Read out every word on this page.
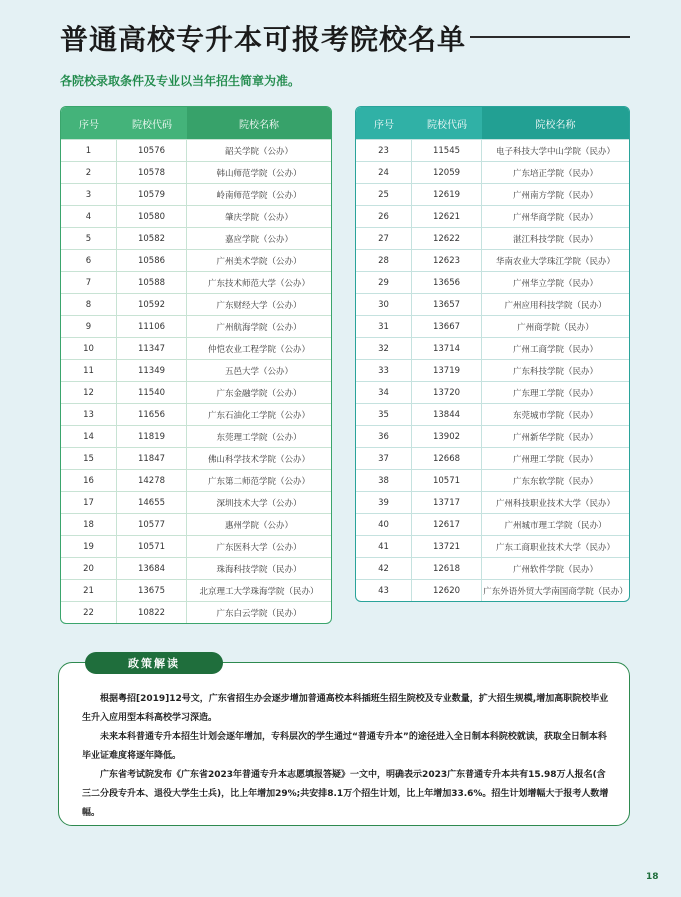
普通高校专升本可报考院校名单
各院校录取条件及专业以当年招生简章为准。
序号	院校代码	院校名称
1	10576	韶关学院（公办）
2	10578	韩山师范学院（公办）
3	10579	岭南师范学院（公办）
4	10580	肇庆学院（公办）
5	10582	嘉应学院（公办）
6	10586	广州美术学院（公办）
7	10588	广东技术师范大学（公办）
8	10592	广东财经大学（公办）
9	11106	广州航海学院（公办）
10	11347	仲恺农业工程学院（公办）
11	11349	五邑大学（公办）
12	11540	广东金融学院（公办）
13	11656	广东石油化工学院（公办）
14	11819	东莞理工学院（公办）
15	11847	佛山科学技术学院（公办）
16	14278	广东第二师范学院（公办）
17	14655	深圳技术大学（公办）
18	10577	惠州学院（公办）
19	10571	广东医科大学（公办）
20	13684	珠海科技学院（民办）
21	13675	北京理工大学珠海学院（民办）
22	10822	广东白云学院（民办）
序号	院校代码	院校名称
23	11545	电子科技大学中山学院（民办）
24	12059	广东培正学院（民办）
25	12619	广州南方学院（民办）
26	12621	广州华商学院（民办）
27	12622	湛江科技学院（民办）
28	12623	华南农业大学珠江学院（民办）
29	13656	广州华立学院（民办）
30	13657	广州应用科技学院（民办）
31	13667	广州商学院（民办）
32	13714	广州工商学院（民办）
33	13719	广东科技学院（民办）
34	13720	广东理工学院（民办）
35	13844	东莞城市学院（民办）
36	13902	广州新华学院（民办）
37	12668	广州理工学院（民办）
38	10571	广东东软学院（民办）
39	13717	广州科技职业技术大学（民办）
40	12617	广州城市理工学院（民办）
41	13721	广东工商职业技术大学（民办）
42	12618	广州软件学院（民办）
43	12620	广东外语外贸大学南国商学院（民办）
政策解读

根据粤招[2019]12号文，广东省招生办会逐步增加普通高校本科插班生招生院校及专业数量，扩大招生规模,增加高职院校毕业生升入应用型本科高校学习深造。

未来本科普通专升本招生计划会逐年增加，专科层次的学生通过“普通专升本”的途径进入全日制本科院校就读，获取全日制本科毕业证难度将逐年降低。

广东省考试院发布《广东省2023年普通专升本志愿填报答疑》一文中，明确表示2023广东普通专升本共有15.98万人报名(含三二分段专升本、退役大学生士兵)，比上年增加29%;共安排8.1万个招生计划，比上年增加33.6%。招生计划增幅大于报考人数增幅。

18
